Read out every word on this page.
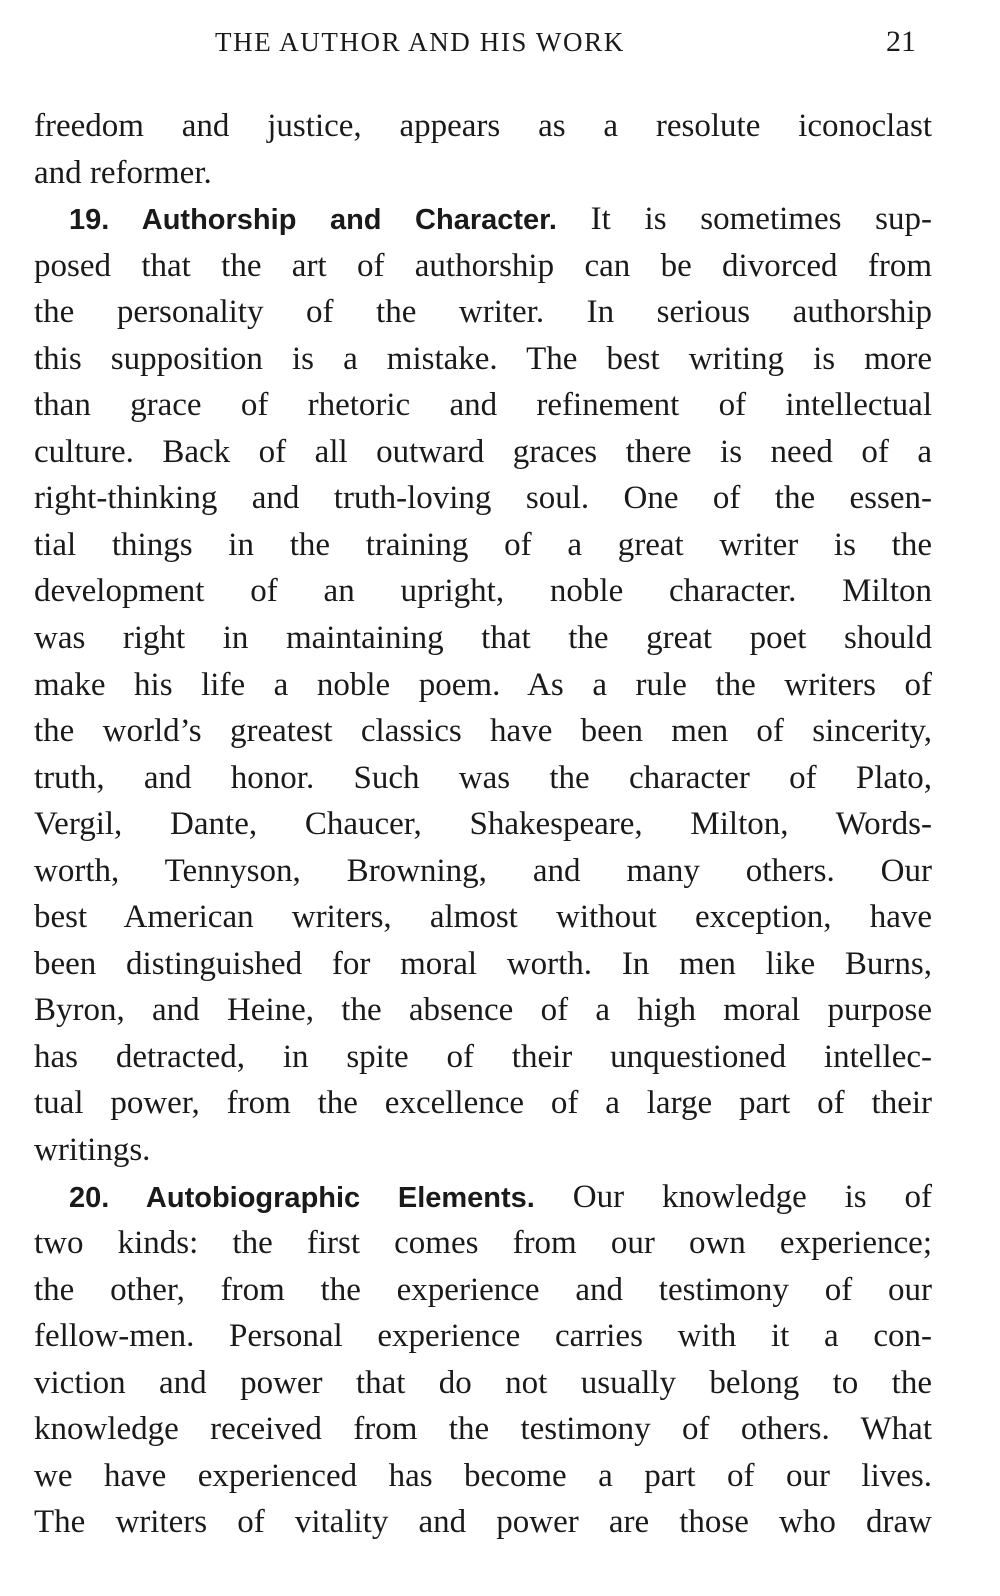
THE AUTHOR AND HIS WORK	21
freedom and justice, appears as a resolute iconoclast
and reformer.
19. Authorship and Character. It is sometimes sup-
posed that the art of authorship can be divorced from
the personality of the writer. In serious authorship
this supposition is a mistake. The best writing is more
than grace of rhetoric and refinement of intellectual
culture. Back of all outward graces there is need of a
right-thinking and truth-loving soul. One of the essen-
tial things in the training of a great writer is the
development of an upright, noble character. Milton
was right in maintaining that the great poet should
make his life a noble poem. As a rule the writers of
the world’s greatest classics have been men of sincerity,
truth, and honor. Such was the character of Plato,
Vergil, Dante, Chaucer, Shakespeare, Milton, Words-
worth, Tennyson, Browning, and many others. Our
best American writers, almost without exception, have
been distinguished for moral worth. In men like Burns,
Byron, and Heine, the absence of a high moral purpose
has detracted, in spite of their unquestioned intellec-
tual power, from the excellence of a large part of their
writings.
20. Autobiographic Elements. Our knowledge is of
two kinds: the first comes from our own experience;
the other, from the experience and testimony of our
fellow-men. Personal experience carries with it a con-
viction and power that do not usually belong to the
knowledge received from the testimony of others. What
we have experienced has become a part of our lives.
The writers of vitality and power are those who draw
